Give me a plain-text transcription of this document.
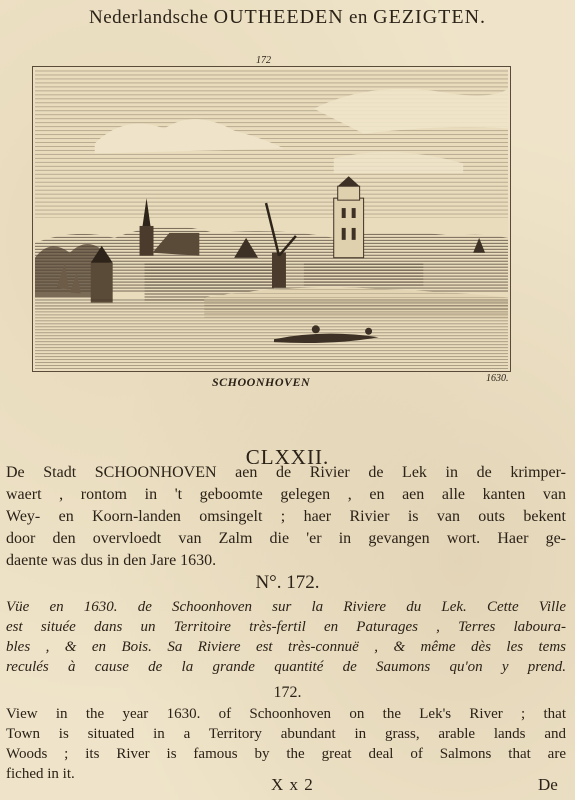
Nederlandsche OUTHEEDEN en GEZIGTEN.
172
SCHOONHOVEN	1630.
CLXXII.

De Stadt SCHOONHOVEN aen de Rivier de Lek in de krimper-
waert , rontom in 't geboomte gelegen , en aen alle kanten van
Wey- en Koorn-landen omsingelt ; haer Rivier is van outs bekent
door den overvloedt van Zalm die 'er in gevangen wort. Haer ge-
daente was dus in den Jare 1630.

N°. 172.

Vüe en 1630. de Schoonhoven sur la Riviere du Lek. Cette Ville
est située dans un Territoire très-fertil en Paturages , Terres laboura-
bles , & en Bois. Sa Riviere est très-connuë , & même dès les tems
reculés à cause de la grande quantité de Saumons qu'on y prend.

172.

View in the year 1630. of Schoonhoven on the Lek's River ; that
Town is situated in a Territory abundant in grass, arable lands and
Woods ; its River is famous by the great deal of Salmons that are
fiched in it.

X x 2	De
